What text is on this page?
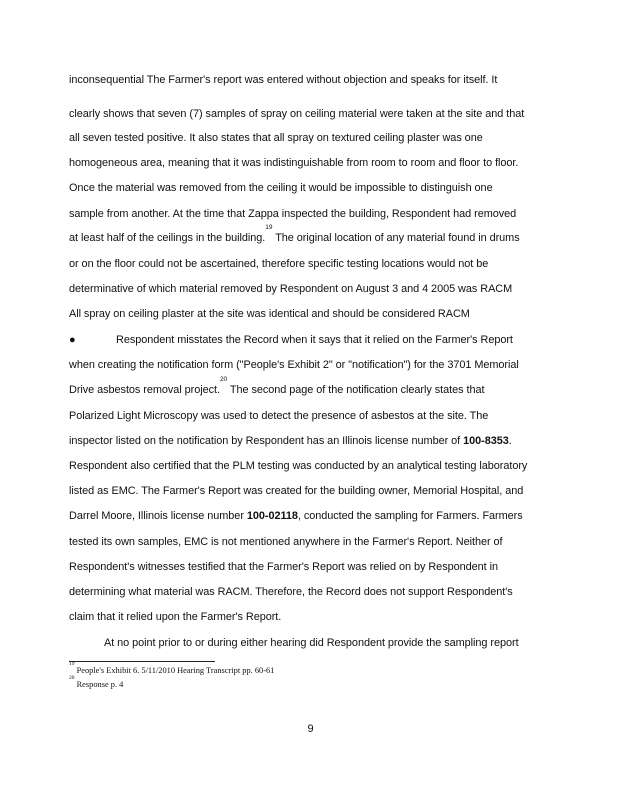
inconsequential The Farmer's report was entered without objection and speaks for itself. It
clearly shows that seven (7) samples of spray on ceiling material were taken at the site and that
all seven tested positive. It also states that all spray on textured ceiling plaster was one
homogeneous area, meaning that it was indistinguishable from room to room and floor to floor.
Once the material was removed from the ceiling it would be impossible to distinguish one
sample from another. At the time that Zappa inspected the building, Respondent had removed
at least half of the ceilings in the building.$^{19}$ The original location of any material found in drums
or on the floor could not be ascertained, therefore specific testing locations would not be
determinative of which material removed by Respondent on August 3 and 4 2005 was RACM
All spray on ceiling plaster at the site was identical and should be considered RACM
●	Respondent misstates the Record when it says that it relied on the Farmer's Report
when creating the notification form ("People's Exhibit 2" or "notification") for the 3701 Memorial
Drive asbestos removal project.$^{20}$ The second page of the notification clearly states that
Polarized Light Microscopy was used to detect the presence of asbestos at the site. The
inspector listed on the notification by Respondent has an Illinois license number of 100-8353.
Respondent also certified that the PLM testing was conducted by an analytical testing laboratory
listed as EMC. The Farmer's Report was created for the building owner, Memorial Hospital, and
Darrel Moore, Illinois license number 100-02118, conducted the sampling for Farmers. Farmers
tested its own samples, EMC is not mentioned anywhere in the Farmer's Report. Neither of
Respondent's witnesses testified that the Farmer's Report was relied on by Respondent in
determining what material was RACM. Therefore, the Record does not support Respondent's
claim that it relied upon the Farmer's Report.
At no point prior to or during either hearing did Respondent provide the sampling report
$^{19}$ People's Exhibit 6. 5/11/2010 Hearing Transcript pp. 60-61
$^{20}$ Response p. 4
9
